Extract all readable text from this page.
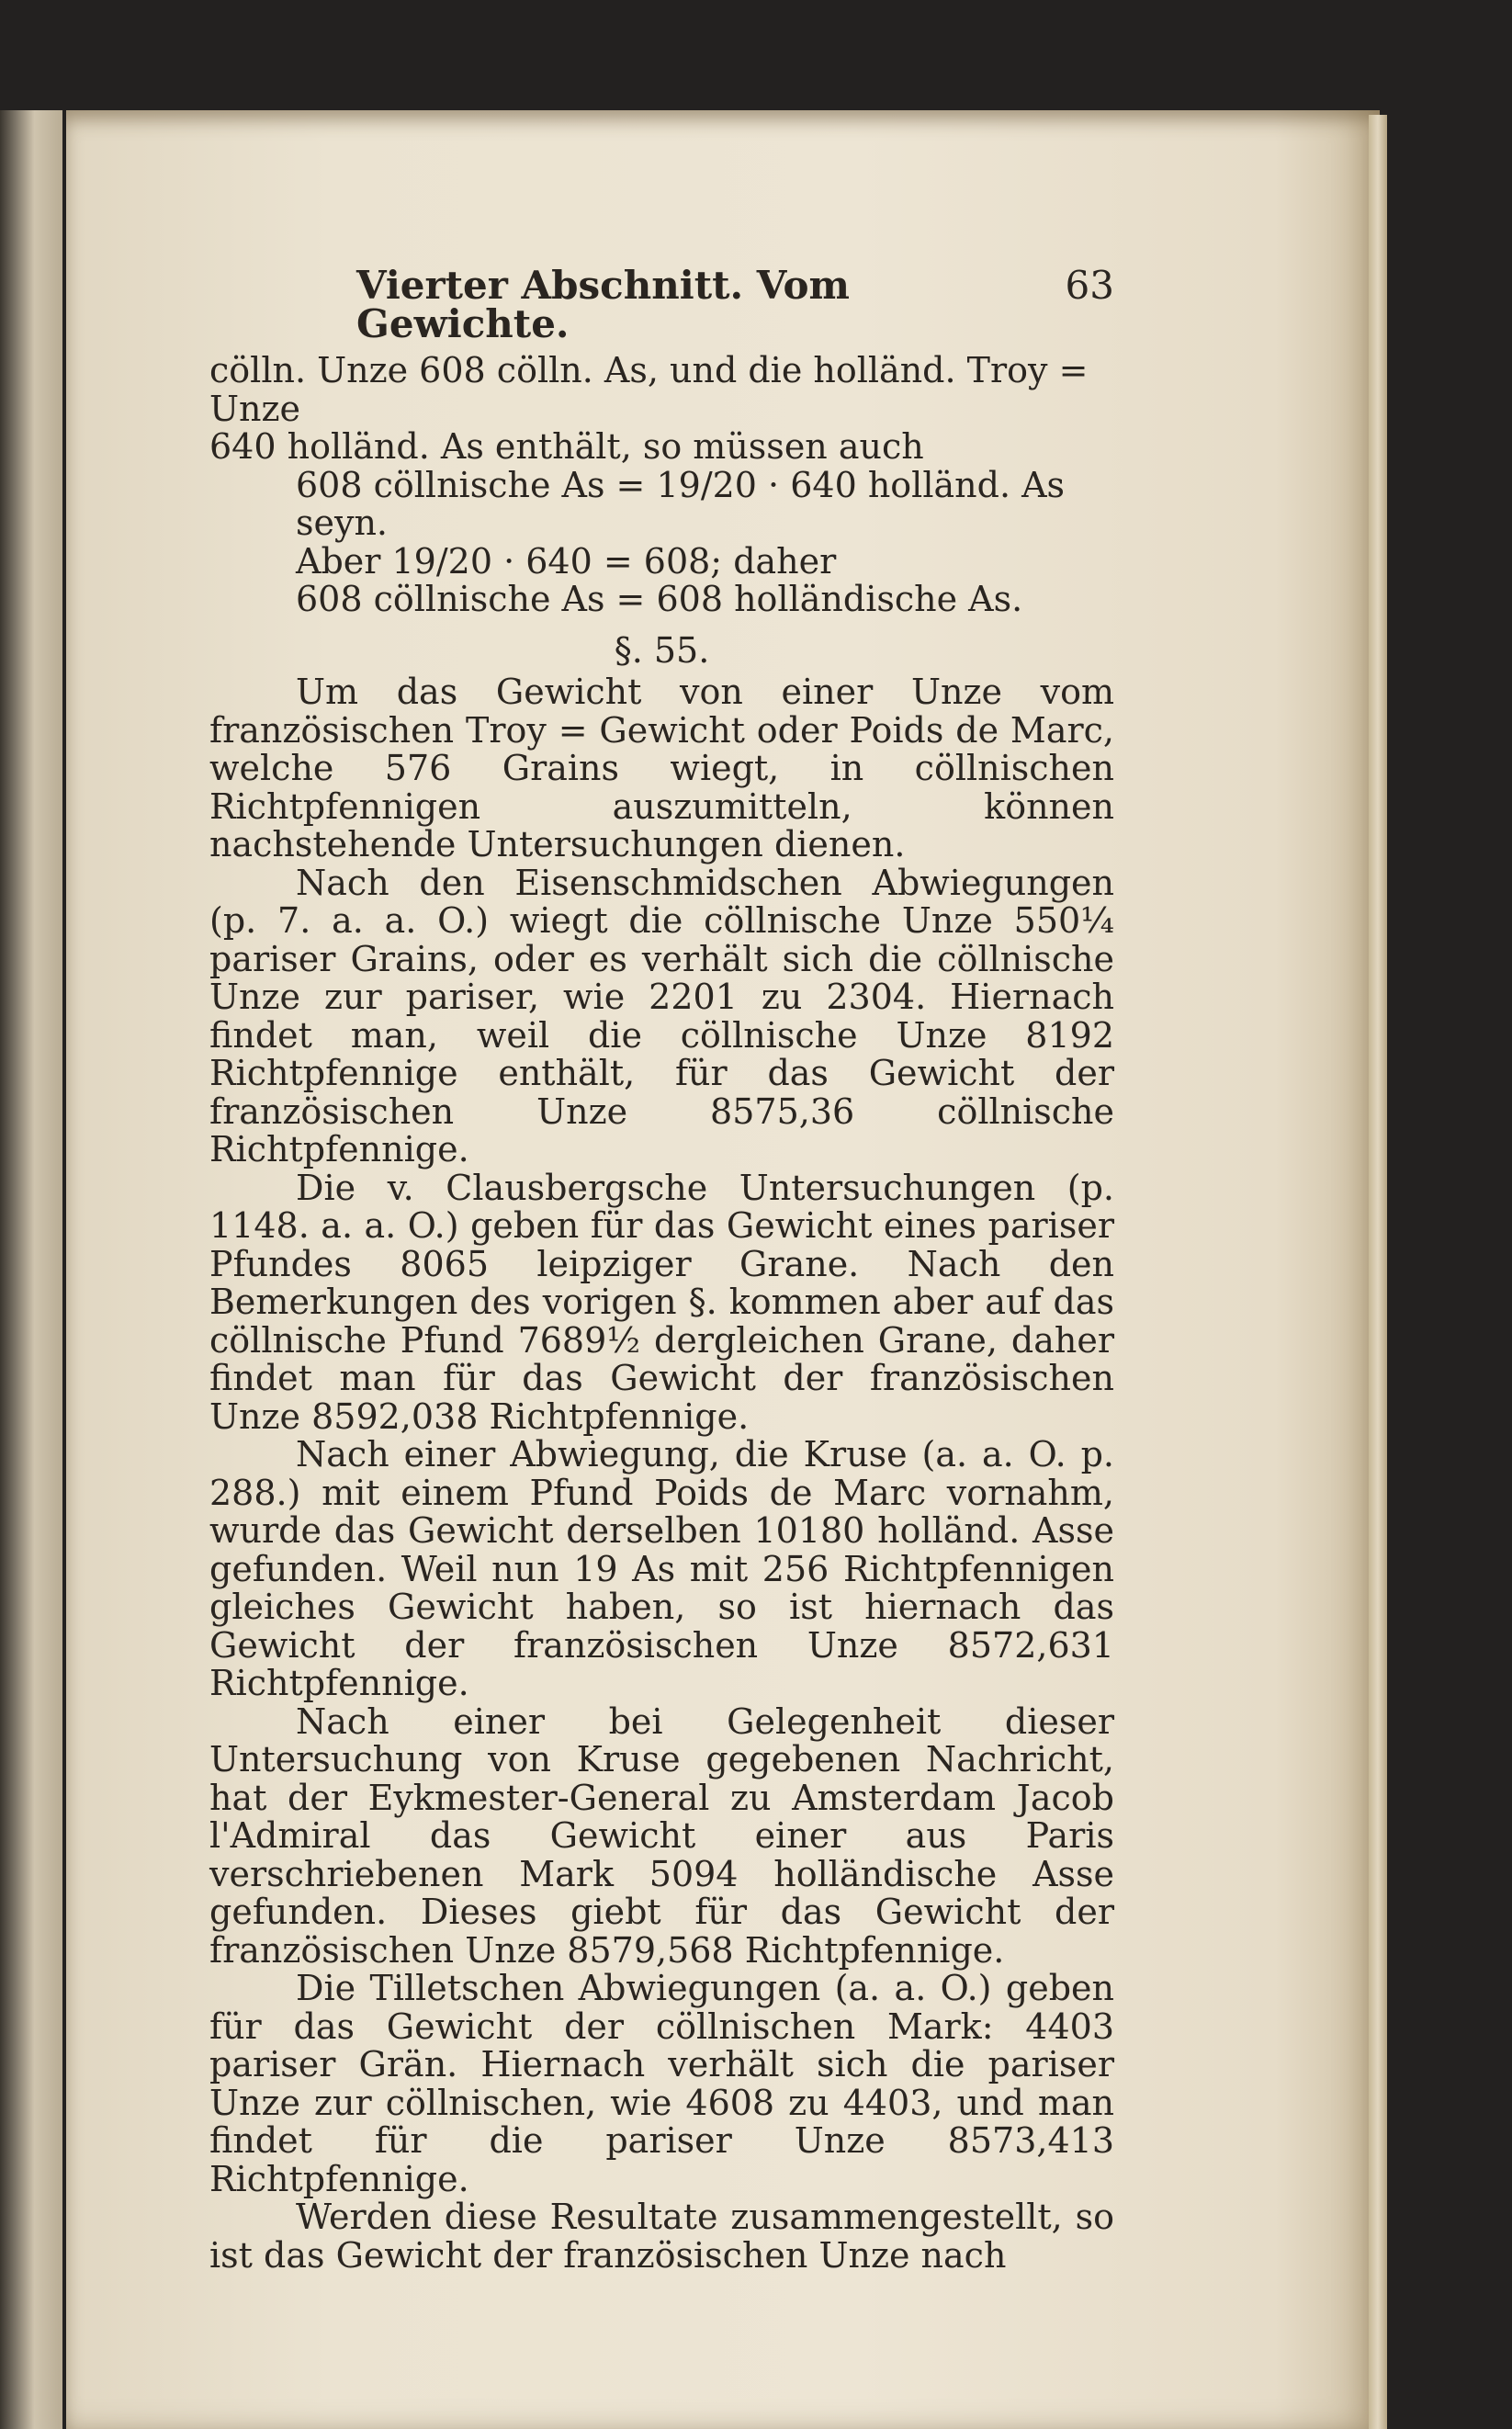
Vierter Abschnitt. Vom Gewichte.
63
cölln. Unze 608 cölln. As, und die holländ. Troy = Unze
640 holländ. As enthält, so müssen auch
608 cöllnische As = 19/20 · 640 holländ. As seyn.
Aber 19/20 · 640 = 608; daher
608 cöllnische As = 608 holländische As.
§. 55.

Um das Gewicht von einer Unze vom französischen Troy = Gewicht oder Poids de Marc, welche 576 Grains wiegt, in cöllnischen Richtpfennigen auszumitteln, können nachstehende Untersuchungen dienen.

Nach den Eisenschmidschen Abwiegungen (p. 7. a. a. O.) wiegt die cöllnische Unze 550¼ pariser Grains, oder es verhält sich die cöllnische Unze zur pariser, wie 2201 zu 2304. Hiernach findet man, weil die cöllnische Unze 8192 Richtpfennige enthält, für das Gewicht der französischen Unze 8575,36 cöllnische Richtpfennige.

Die v. Clausbergsche Untersuchungen (p. 1148. a. a. O.) geben für das Gewicht eines pariser Pfundes 8065 leipziger Grane. Nach den Bemerkungen des vorigen §. kommen aber auf das cöllnische Pfund 7689½ dergleichen Grane, daher findet man für das Gewicht der französischen Unze 8592,038 Richtpfennige.

Nach einer Abwiegung, die Kruse (a. a. O. p. 288.) mit einem Pfund Poids de Marc vornahm, wurde das Gewicht derselben 10180 holländ. Asse gefunden. Weil nun 19 As mit 256 Richtpfennigen gleiches Gewicht haben, so ist hiernach das Gewicht der französischen Unze 8572,631 Richtpfennige.

Nach einer bei Gelegenheit dieser Untersuchung von Kruse gegebenen Nachricht, hat der Eykmester-General zu Amsterdam Jacob l'Admiral das Gewicht einer aus Paris verschriebenen Mark 5094 holländische Asse gefunden. Dieses giebt für das Gewicht der französischen Unze 8579,568 Richtpfennige.

Die Tilletschen Abwiegungen (a. a. O.) geben für das Gewicht der cöllnischen Mark: 4403 pariser Grän. Hiernach verhält sich die pariser Unze zur cöllnischen, wie 4608 zu 4403, und man findet für die pariser Unze 8573,413 Richtpfennige.

Werden diese Resultate zusammengestellt, so ist das Gewicht der französischen Unze nach
